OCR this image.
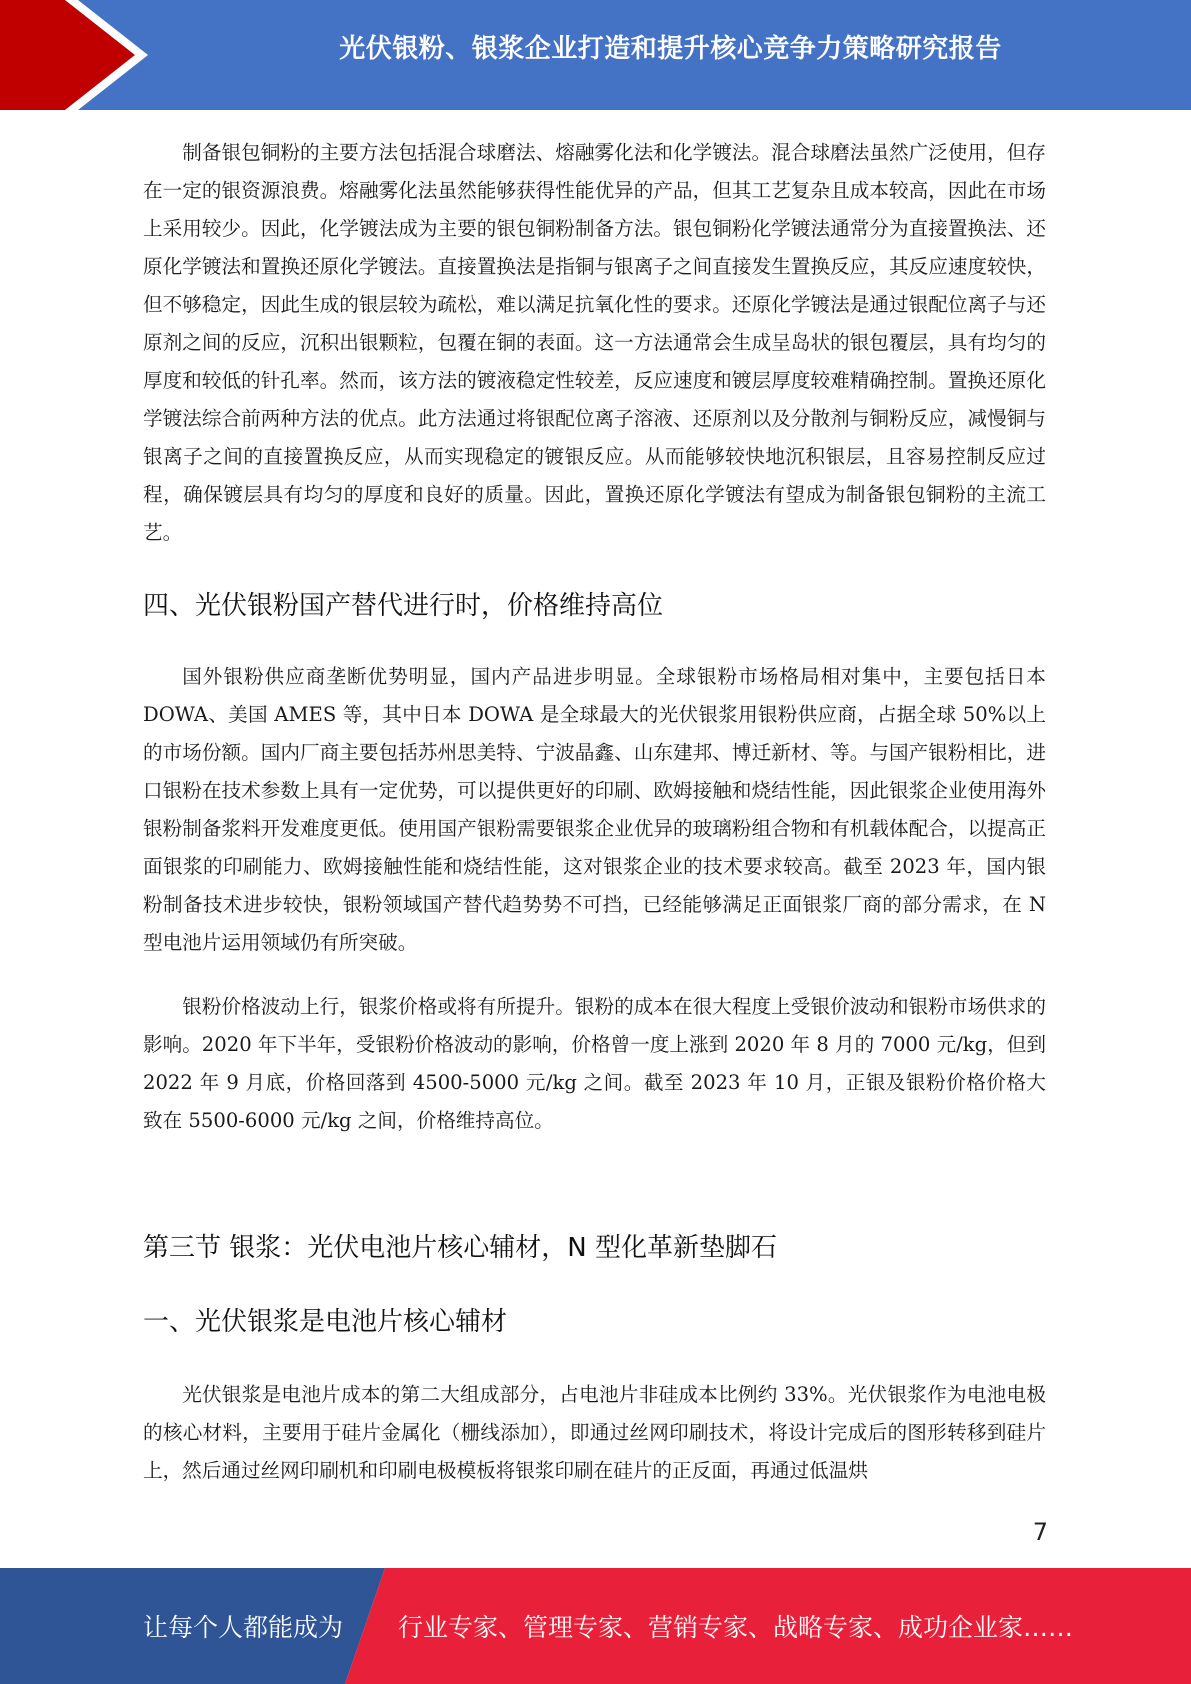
光伏银粉、银浆企业打造和提升核心竞争力策略研究报告

制备银包铜粉的主要方法包括混合球磨法、熔融雾化法和化学镀法。混合球磨法虽然广泛使用，但存在一定的银资源浪费。熔融雾化法虽然能够获得性能优异的产品，但其工艺复杂且成本较高，因此在市场上采用较少。因此，化学镀法成为主要的银包铜粉制备方法。银包铜粉化学镀法通常分为直接置换法、还原化学镀法和置换还原化学镀法。直接置换法是指铜与银离子之间直接发生置换反应，其反应速度较快，但不够稳定，因此生成的银层较为疏松，难以满足抗氧化性的要求。还原化学镀法是通过银配位离子与还原剂之间的反应，沉积出银颗粒，包覆在铜的表面。这一方法通常会生成呈岛状的银包覆层，具有均匀的厚度和较低的针孔率。然而，该方法的镀液稳定性较差，反应速度和镀层厚度较难精确控制。置换还原化学镀法综合前两种方法的优点。此方法通过将银配位离子溶液、还原剂以及分散剂与铜粉反应，减慢铜与银离子之间的直接置换反应，从而实现稳定的镀银反应。从而能够较快地沉积银层，且容易控制反应过程，确保镀层具有均匀的厚度和良好的质量。因此，置换还原化学镀法有望成为制备银包铜粉的主流工艺。

四、光伏银粉国产替代进行时，价格维持高位

国外银粉供应商垄断优势明显，国内产品进步明显。全球银粉市场格局相对集中，主要包括日本 DOWA、美国 AMES 等，其中日本 DOWA 是全球最大的光伏银浆用银粉供应商，占据全球 50%以上的市场份额。国内厂商主要包括苏州思美特、宁波晶鑫、山东建邦、博迁新材、等。与国产银粉相比，进口银粉在技术参数上具有一定优势，可以提供更好的印刷、欧姆接触和烧结性能，因此银浆企业使用海外银粉制备浆料开发难度更低。使用国产银粉需要银浆企业优异的玻璃粉组合物和有机载体配合，以提高正面银浆的印刷能力、欧姆接触性能和烧结性能，这对银浆企业的技术要求较高。截至 2023 年，国内银粉制备技术进步较快，银粉领域国产替代趋势势不可挡，已经能够满足正面银浆厂商的部分需求，在 N 型电池片运用领域仍有所突破。

银粉价格波动上行，银浆价格或将有所提升。银粉的成本在很大程度上受银价波动和银粉市场供求的影响。2020 年下半年，受银粉价格波动的影响，价格曾一度上涨到 2020 年 8 月的 7000 元/kg，但到 2022 年 9 月底，价格回落到 4500-5000 元/kg 之间。截至 2023 年 10 月，正银及银粉价格价格大致在 5500-6000 元/kg 之间，价格维持高位。

第三节 银浆：光伏电池片核心辅材，N 型化革新垫脚石
一、光伏银浆是电池片核心辅材

光伏银浆是电池片成本的第二大组成部分，占电池片非硅成本比例约 33%。光伏银浆作为电池电极的核心材料，主要用于硅片金属化（栅线添加），即通过丝网印刷技术，将设计完成后的图形转移到硅片上，然后通过丝网印刷机和印刷电极模板将银浆印刷在硅片的正反面，再通过低温烘

7
让每个人都能成为 行业专家、管理专家、营销专家、战略专家、成功企业家……
